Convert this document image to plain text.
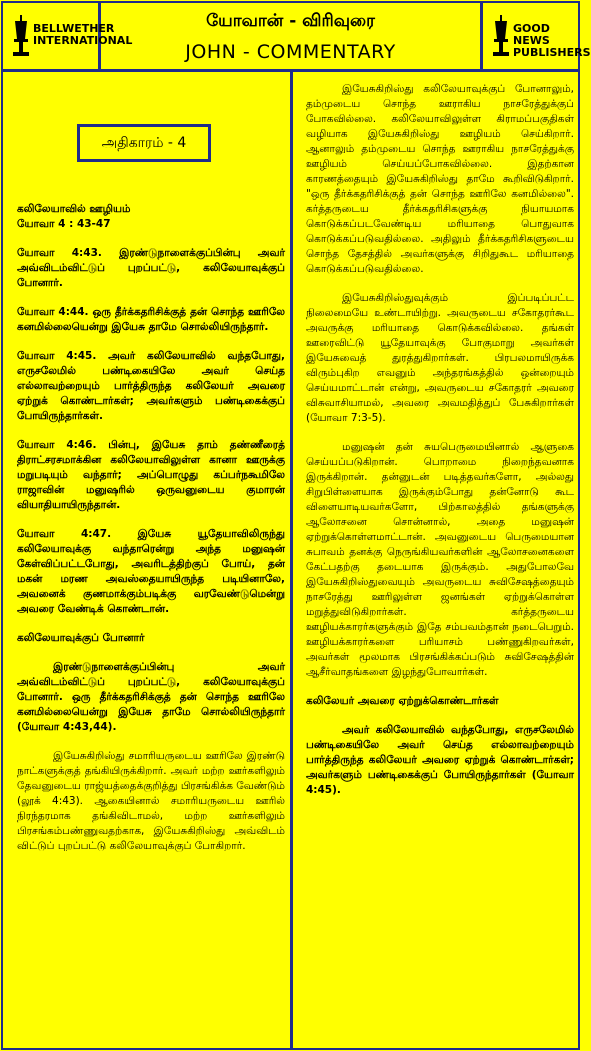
BELLWETHER INTERNATIONAL
யோவான் - விரிவுரை
JOHN - COMMENTARY
GOOD NEWS PUBLISHERS
அதிகாரம் - 4
கலிலேயாவில் ஊழியம்
யோவா 4 : 43-47

யோவா 4:43. இரண்டுநாளைக்குப்பின்பு அவர் அவ்விடம்விட்டுப் புறப்பட்டு, கலிலேயாவுக்குப் போனார்.

யோவா 4:44. ஒரு தீர்க்கதரிசிக்குத் தன் சொந்த ஊரிலே கனமில்லையென்று இயேசு தாமே சொல்லியிருந்தார்.

யோவா 4:45. அவர் கலிலேயாவில் வந்தபோது, எருசலேமில் பண்டிகையிலே அவர் செய்த எல்லாவற்றையும் பார்த்திருந்த கலிலேயர் அவரை ஏற்றுக் கொண்டார்கள்; அவர்களும் பண்டிகைக்குப் போயிருந்தார்கள்.

யோவா 4:46. பின்பு, இயேசு தாம் தண்ணீரைத் திராட்சரசமாக்கின கலிலேயாவிலுள்ள கானா ஊருக்கு மறுபடியும் வந்தார்; அப்பொழுது கப்பர்நகூமிலே ராஜாவின் மனுஷரில் ஒருவனுடைய குமாரன் வியாதியாயிருந்தான்.

யோவா 4:47. இயேசு யூதேயாவிலிருந்து கலிலேயாவுக்கு வந்தாரென்று அந்த மனுஷன் கேள்விப்பட்டபோது, அவரிடத்திற்குப் போய், தன் மகன் மரண அவஸ்தையாயிருந்த படியினாலே, அவனைக் குணமாக்கும்படிக்கு வரவேண்டுமென்று அவரை வேண்டிக் கொண்டான்.

கலிலேயாவுக்குப் போனார்

இரண்டுநாளைக்குப்பின்பு அவர் அவ்விடம்விட்டுப் புறப்பட்டு, கலிலேயாவுக்குப் போனார். ஒரு தீர்க்கதரிசிக்குத் தன் சொந்த ஊரிலே கனமில்லையென்று இயேசு தாமே சொல்லியிருந்தார் (யோவா 4:43,44).

இயேசுகிறிஸ்து சமாரியருடைய ஊரிலே இரண்டு நாட்களுக்குத் தங்கியிருக்கிறார். அவர் மற்ற ஊர்களிலும் தேவனுடைய ராஜ்யத்தைக்குறித்து பிரசங்கிக்க வேண்டும் (லூக் 4:43). ஆகையினால் சமாரியருடைய ஊரில் நிரந்தரமாக தங்கிவிடாமல், மற்ற ஊர்களிலும் பிரசங்கம்பண்ணுவதற்காக, இயேசுகிறிஸ்து அவ்விடம் விட்டுப் புறப்பட்டு கலிலேயாவுக்குப் போகிறார்.

இயேசுகிறிஸ்து கலிலேயாவுக்குப் போனாலும், தம்முடைய சொந்த ஊராகிய நாசரேத்துக்குப் போகவில்லை. கலிலேயாவிலுள்ள கிராமப்பகுதிகள் வழியாக இயேசுகிறிஸ்து ஊழியம் செய்கிறார். ஆனாலும் தம்முடைய சொந்த ஊராகிய நாசரேத்துக்கு ஊழியம் செய்யப்போகவில்லை. இதற்கான காரணத்தையும் இயேசுகிறிஸ்து தாமே கூறிவிடுகிறார். "ஒரு தீர்க்கதரிசிக்குத் தன் சொந்த ஊரிலே கனமில்லை". கர்த்தருடைய தீர்க்கதரிசிகளுக்கு நியாயமாக கொடுக்கப்படவேண்டிய மரியாதை பொதுவாக கொடுக்கப்படுவதில்லை. அதிலும் தீர்க்கதரிசிகளுடைய சொந்த தேசத்தில் அவர்களுக்கு சிறிதுகூட மரியாதை கொடுக்கப்படுவதில்லை.

இயேசுகிறிஸ்துவுக்கும் இப்படிப்பட்ட நிலைமையே உண்டாயிற்று. அவருடைய சகோதரர்கூட அவருக்கு மரியாதை கொடுக்கவில்லை. தங்கள் ஊரைவிட்டு யூதேயாவுக்கு போகுமாறு அவர்கள் இயேசுவைத் துரத்துகிறார்கள். பிரபலமாயிருக்க விரும்புகிற எவனும் அந்தரங்கத்தில் ஒன்றையும் செய்யமாட்டான் என்று, அவருடைய சகோதரர் அவரை விசுவாசியாமல், அவரை அவமதித்துப் பேசுகிறார்கள் (யோவா 7:3-5).

மனுஷன் தன் சுயபெருமையினால் ஆளுகை செய்யப்படுகிறான். பொறாமை நிறைந்தவனாக இருக்கிறான். தன்னுடன் படித்தவர்களோ, அல்லது சிறுபிள்ளையாக இருக்கும்போது தன்னோடு கூட விளையாடியவர்களோ, பிற்காலத்தில் தங்களுக்கு ஆலோசனை சொன்னால், அதை மனுஷன் ஏற்றுக்கொள்ளமாட்டான். அவனுடைய பெருமையான சுபாவம் தனக்கு நெருங்கியவர்களின் ஆலோசனைகளை கேட்பதற்கு தடையாக இருக்கும். அதுபோலவே இயேசுகிறிஸ்துவையும் அவருடைய சுவிசேஷத்தையும் நாசரேத்து ஊரிலுள்ள ஜனங்கள் ஏற்றுக்கொள்ள மறுத்துவிடுகிறார்கள். கர்த்தருடைய ஊழியக்காரர்களுக்கும் இதே சம்பவம்தான் நடைபெறும். ஊழியக்காரர்களை பரியாசம் பண்ணுகிறவர்கள், அவர்கள் மூலமாக பிரசங்கிக்கப்படும் சுவிசேஷத்தின் ஆசீர்வாதங்களை இழந்துபோவார்கள்.

கலிலேயர் அவரை ஏற்றுக்கொண்டார்கள்

அவர் கலிலேயாவில் வந்தபோது, எருசலேமில் பண்டிகையிலே அவர் செய்த எல்லாவற்றையும் பார்த்திருந்த கலிலேயர் அவரை ஏற்றுக் கொண்டார்கள்; அவர்களும் பண்டிகைக்குப் போயிருந்தார்கள் (யோவா 4:45).
